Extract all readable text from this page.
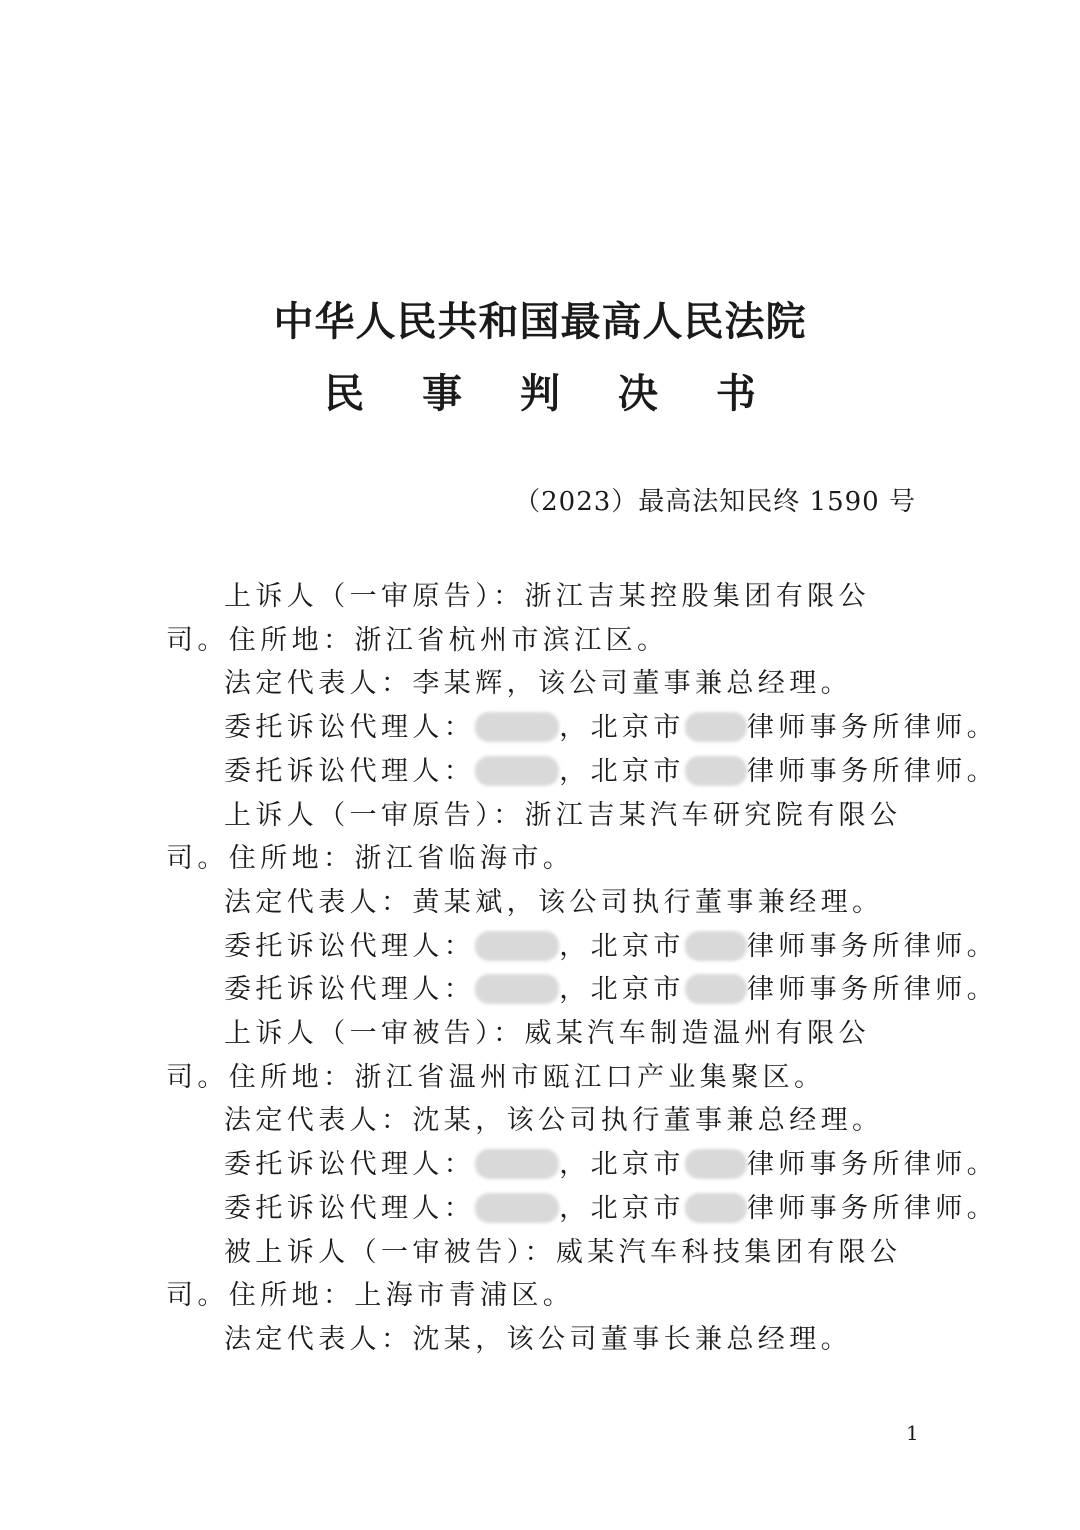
中华人民共和国最高人民法院
民 事 判 决 书
（2023）最高法知民终 1590 号

上诉人（一审原告）：浙江吉某控股集团有限公司。住所地：浙江省杭州市滨江区。

法定代表人：李某辉，该公司董事兼总经理。

委托诉讼代理人：	，北京市 律师事务所律师。

委托诉讼代理人：	，北京市 律师事务所律师。

上诉人（一审原告）：浙江吉某汽车研究院有限公司。住所地：浙江省临海市。

法定代表人：黄某斌，该公司执行董事兼经理。

委托诉讼代理人：	，北京市 律师事务所律师。

委托诉讼代理人：	，北京市 律师事务所律师。

上诉人（一审被告）：威某汽车制造温州有限公司。住所地：浙江省温州市瓯江口产业集聚区。

法定代表人：沈某，该公司执行董事兼总经理。

委托诉讼代理人：	，北京市 律师事务所律师。

委托诉讼代理人：	，北京市 律师事务所律师。

被上诉人（一审被告）：威某汽车科技集团有限公司。住所地：上海市青浦区。

法定代表人：沈某，该公司董事长兼总经理。

1
